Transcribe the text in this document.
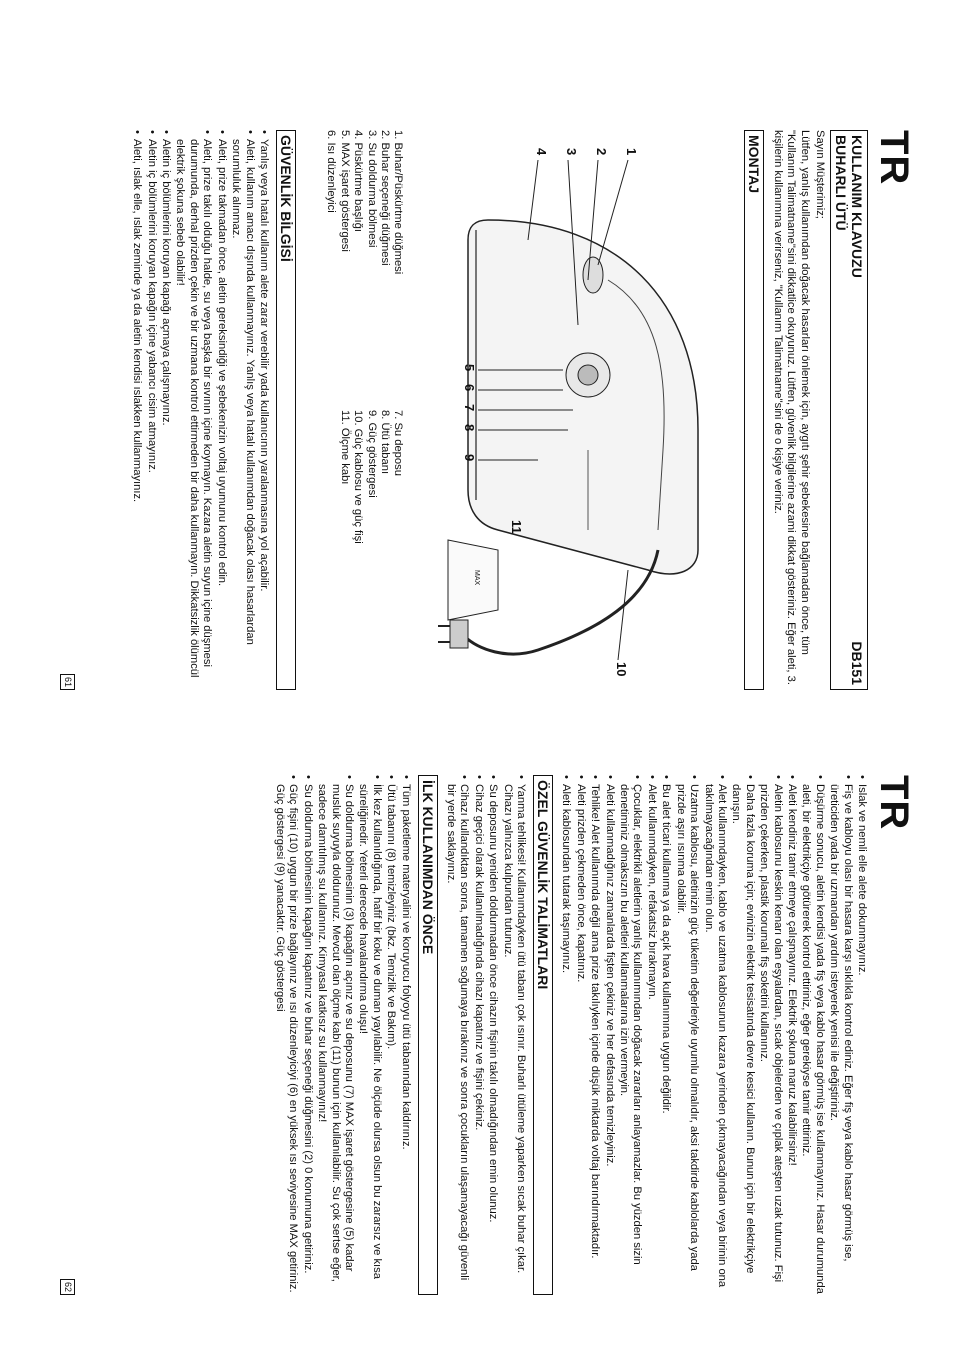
TR
KULLANIM KLAVUZU
BUHARLI ÜTÜ
DB151

Sayın Müşterimiz;

Lütfen, yanlış kullanımdan doğacak hasarları önlemek için, aygıtı şehir şebekesine bağlamadan önce, tüm "Kullanım Talimatname"sini dikkatlice okuyunuz. Lütfen, güvenlik bilgilerine azami dikkat gösteriniz. Eğer aleti, 3. kişilerin kullanımına verirseniz, "Kullanım Talimatname"sini de o kişiye veriniz.

MONTAJ
1
2
3
4
5
6
7
8
9
10
11
MAX
1. Buhar/Püskürtme düğmesi
2. Buhar seçeneği düğmesi
3. Su doldurma bölmesi
4. Püskürtme başlığı
5. MAX işaret göstergesi
6. Isı düzenleyici
7. Su deposu
8. Ütü tabanı
9. Güç göstergesi
10. Güç kablosu ve güç fişi
11. Ölçme kabı
GÜVENLİK BİLGİSİ
• Yanlış veya hatalı kullanım alete zarar verebilir yada kullanıcının yaralanmasına yol açabilir.
• Aleti, kullanım amacı dışında kullanmayınız. Yanlış veya hatalı kullanımdan doğacak olası hasarlardan sorumluluk alınmaz.
• Aleti, prize takmadan önce, aletin gereksindiği ve şebekenizin voltaj uyumunu kontrol edin.
• Aleti, prize takılı olduğu halde, su veya başka bir sıvının içine koymayın. Kazara aletin suyun içine düşmesi durumunda, derhal prizden çekin ve bir uzmana kontrol ettirmeden bir daha kullanmayın. Dikkatsizlik ölümcül elektrik şokuna sebeb olabilir!
• Aletin iç bölümlerini koruyan kapağı açmaya çalışmayınız.
• Aletin iç bölümlerini koruyan kapağın içine yabancı cisim atmayınız.
• Aleti, ıslak elle, ıslak zeminde ya da aletin kendisi ıslakken kullanmayınız.
61
TR
• Islak ve nemli elle alete dokunmayınız.
• Fiş ve kabloyu olası bir hasara karşı sıklıkla kontrol ediniz. Eğer fiş veya kablo hasar görmüş ise, üreticiden yada bir uzmandan yardım isteyerek yenisi ile değiştiriniz.
• Düşürme sonucu, aletin kendisi yada fiş veya kablo hasar görmüş ise kullanmayınız. Hasar durumunda aleti, bir elektrikçiye götürerek kontrol ettiriniz, eğer gerekiyse tamir ettiriniz.
• Aleti kendiniz tamir etmeye çalışmayınız. Elektrik şokuna maruz kalabilirsiniz!
• Aletin kablosunu keskin kenarı olan eşyalardan, sıcak objelerden ve çıplak ateşten uzak tutunuz. Fişi prizden çekerken, plastik korumalı fiş soketini kullanınız.
• Daha fazla koruma için; evinizin elektrik tesisatında devre kesici kullanın. Bunun için bir elektrikçiye danışın.
• Alet kullanımdayken, kablo ve uzatma kablosunun kazara yerinden çıkmayacağından veya birinin ona takılmayacağından emin olun.
• Uzatma kablosu, aletinizin güç tüketim değerleriyle uyumlu olmalıdır, aksi takdirde kablolarda yada prizde aşırı ısınma olabilir.
• Bu alet ticari kullanıma ya da açık hava kullanımına uygun değildir.
• Alet kullanımdayken, refakatsiz bırakmayın.
• Çocuklar, elektrikli aletlerin yanlış kullanımından doğacak zararları anlayamazlar. Bu yüzden sizin denetiminiz olmaksızın bu aletleri kullanmalarına izin vermeyin.
• Aleti kullanmadığınız zamanlarda fişten çekiniz ve her defasında temizleyiniz.
• Tehlike! Alet kullanımda değil ama prize takılıyken içinde düşük miktarda voltaj barındırmaktadır.
• Aleti prizden çekmeden önce, kapatınız.
• Aleti kablosundan tutarak taşımayınız.
ÖZEL GÜVENLİK TALİMATLARI
• Yanma tehlikesi! Kullanımdayken ütü tabanı çok ısınır. Buharlı ütüleme yaparken sıcak buhar çıkar. Cihazı yalnızca kulpundan tutunuz.
• Su deposunu yeniden doldurmadan önce cihazın fişinin takılı olmadığından emin olunuz.
• Cihaz geçici olarak kullanılmadığında cihazı kapatınız ve fişini çekiniz.
• Cihazı kullandıktan sonra, tamamen soğumaya bırakınız ve sonra çocukların ulaşamayacağı güvenli bir yerde saklayınız.
İLK KULLANIMDAN ÖNCE
• Tüm paketleme materyalini ve koruyucu folyoyu ütü tabanından kaldırınız.
• Ütü tabanını (8) temizleyiniz (bkz. Temizlik ve Bakım).
• İlk kez kullanıldığında, hafif bir koku ve duman yayılabilir. Ne ölçüde olursa olsun bu zararsız ve kısa süreliğinedir. Yeterli derecede havalandırma oluşu!
• Su doldurma bölmesinin (3) kapağını açınız ve su deposunu (7) MAX işaret göstergesine (5) kadar musluk suyuyla doldurunuz. Mevcut olan ölçme kabı (11) bunun için kullanılabilir. Su çok sertse eğer, sadece damıtılmış su kullanınız. Kimyasal katkısız su kullanmayınız!
• Su doldurma bölmesinin kapağını kapatınız ve buhar seçeneği düğmesini (2) 0 konumuna getiriniz.
• Güç fişini (10) uygun bir prize bağlayınız ve ısı düzenleyiciyi (6) en yüksek ısı seviyesine MAX getiriniz. Güç göstergesi (9) yanacaktır. Güç göstergesi
62
